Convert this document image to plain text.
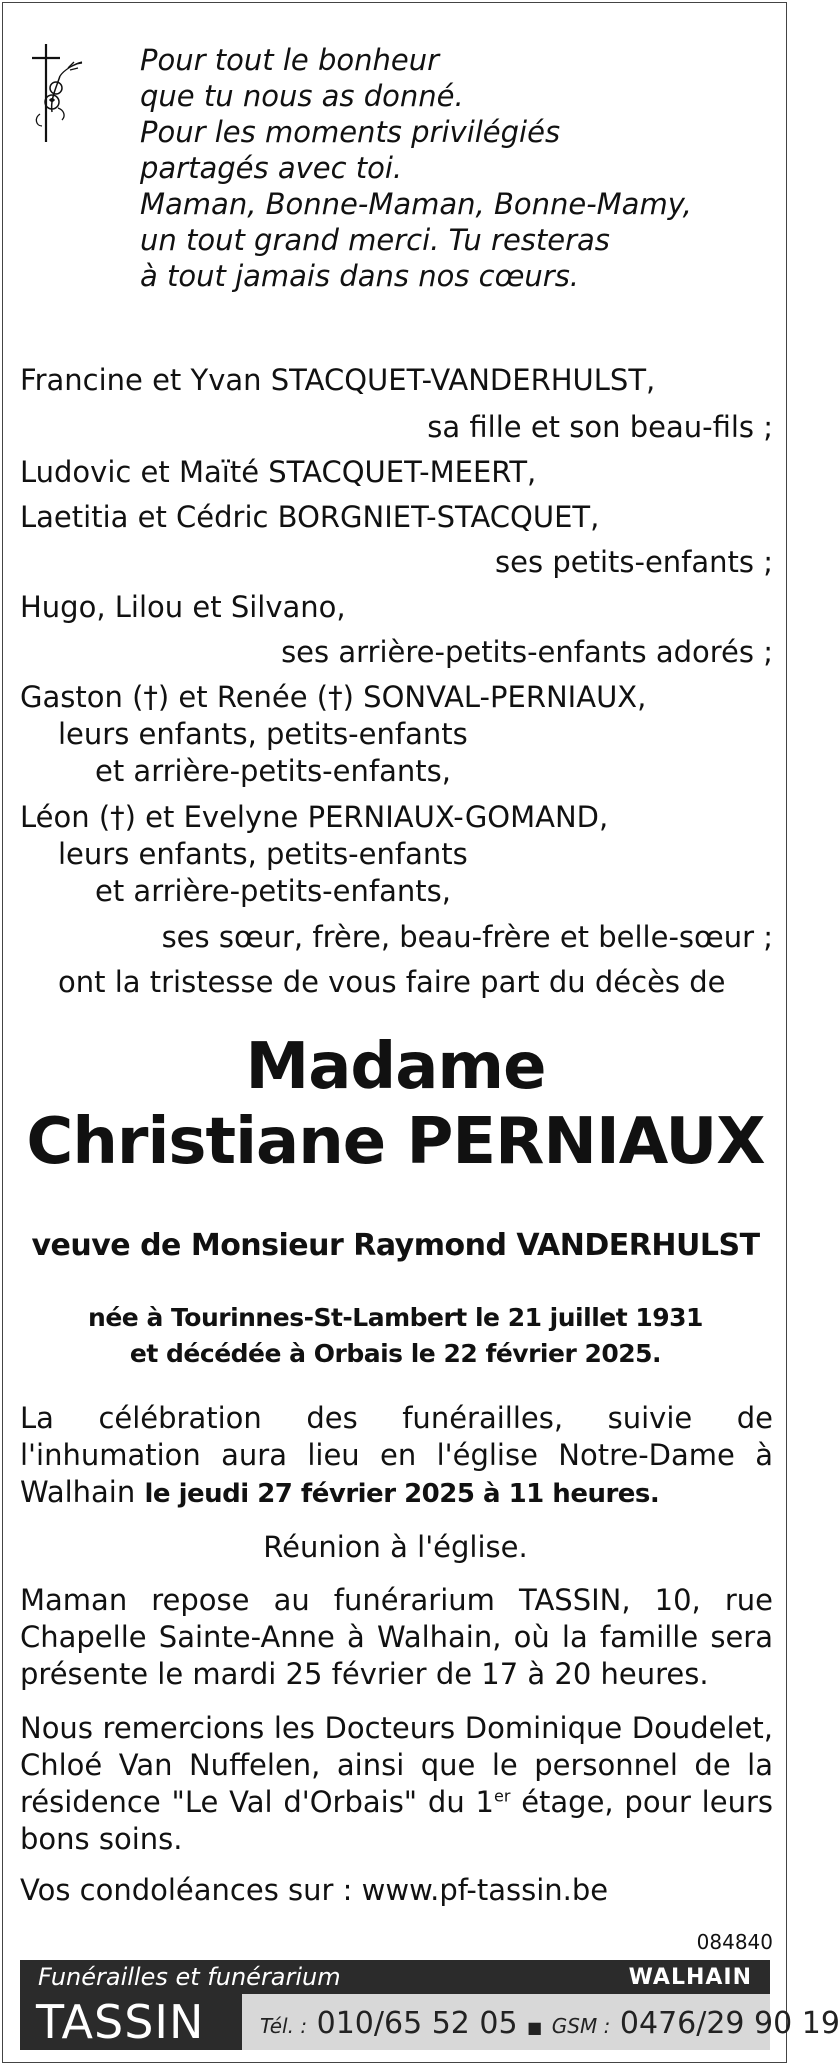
Pour tout le bonheur
que tu nous as donné.
Pour les moments privilégiés
partagés avec toi.
Maman, Bonne-Maman, Bonne-Mamy,
un tout grand merci. Tu resteras
à tout jamais dans nos cœurs.
Francine et Yvan STACQUET-VANDERHULST,
sa fille et son beau-fils ;
Ludovic et Maïté STACQUET-MEERT,
Laetitia et Cédric BORGNIET-STACQUET,
ses petits-enfants ;
Hugo, Lilou et Silvano,
ses arrière-petits-enfants adorés ;
Gaston (†) et Renée (†) SONVAL-PERNIAUX,
leurs enfants, petits-enfants
et arrière-petits-enfants,
Léon (†) et Evelyne PERNIAUX-GOMAND,
leurs enfants, petits-enfants
et arrière-petits-enfants,
ses sœur, frère, beau-frère et belle-sœur ;
ont la tristesse de vous faire part du décès de
Madame
Christiane PERNIAUX
veuve de Monsieur Raymond VANDERHULST
née à Tourinnes-St-Lambert le 21 juillet 1931
et décédée à Orbais le 22 février 2025.
La célébration des funérailles, suivie de l'inhumation aura lieu en l'église Notre-Dame à Walhain le jeudi 27 février 2025 à 11 heures.
Réunion à l'église.
Maman repose au funérarium TASSIN, 10, rue Chapelle Sainte-Anne à Walhain, où la famille sera présente le mardi 25 février de 17 à 20 heures.
Nous remercions les Docteurs Dominique Doudelet, Chloé Van Nuffelen, ainsi que le personnel de la résidence "Le Val d'Orbais" du 1er étage, pour leurs bons soins.
Vos condoléances sur : www.pf-tassin.be
084840
Funérailles et funérarium	WALHAIN
TASSIN	Tél. : 010/65 52 05 ■ GSM : 0476/29 90 19
